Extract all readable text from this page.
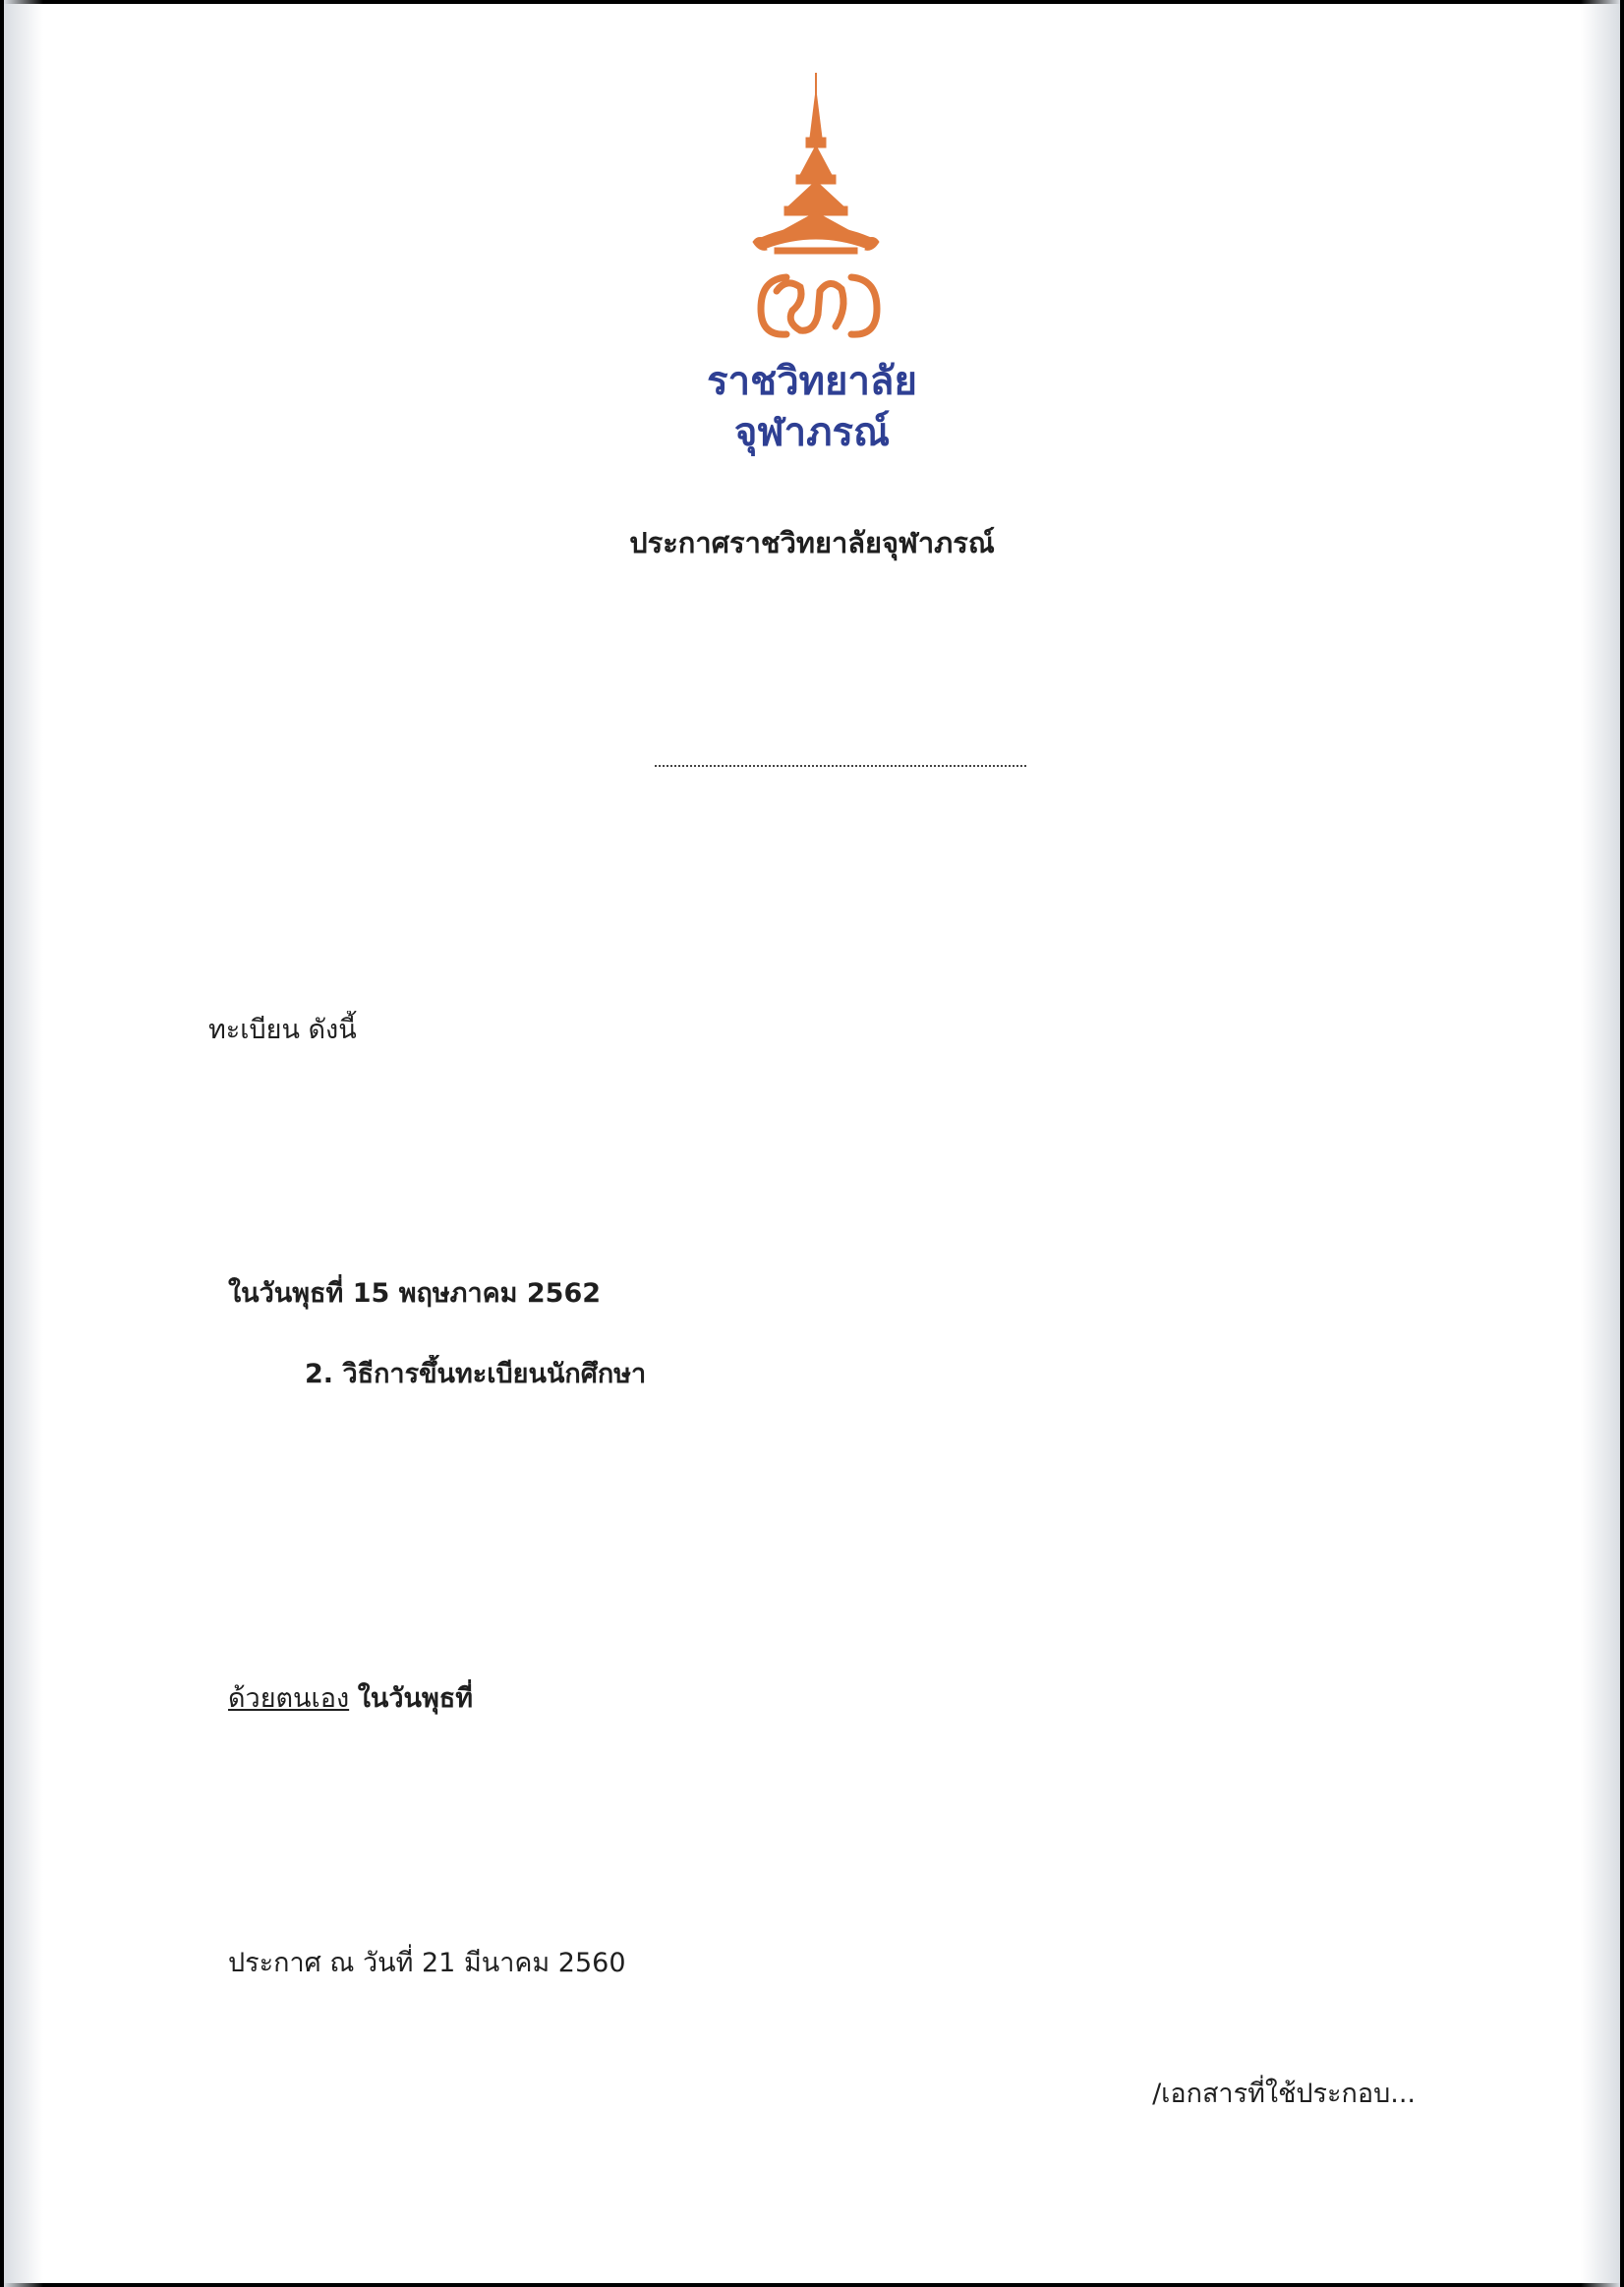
ราชวิทยาลัย
จุฬาภรณ์
ประกาศราชวิทยาลัยจุฬาภรณ์
ทะเบียน ดังนี้
ในวันพุธที่ 15 พฤษภาคม 2562
2. วิธีการขึ้นทะเบียนนักศึกษา
ด้วยตนเอง ในวันพุธที่
ประกาศ ณ วันที่ 21 มีนาคม 2560
/เอกสารที่ใช้ประกอบ...
